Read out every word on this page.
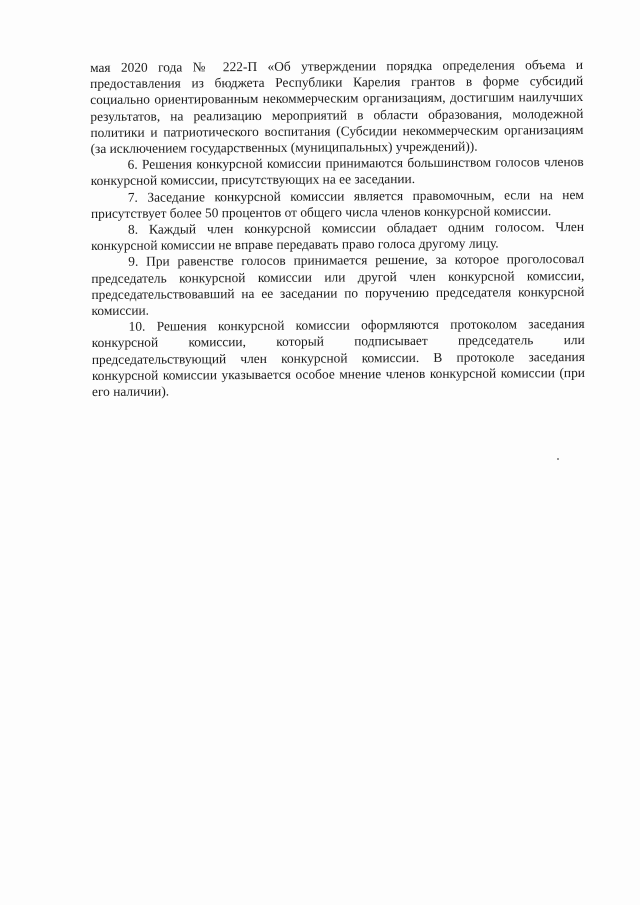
мая 2020 года № 222-П «Об утверждении порядка определения объема и предоставления из бюджета Республики Карелия грантов в форме субсидий социально ориентированным некоммерческим организациям, достигшим наилучших результатов, на реализацию мероприятий в области образования, молодежной политики и патриотического воспитания (Субсидии некоммерческим организациям (за исключением государственных (муниципальных) учреждений)).

6. Решения конкурсной комиссии принимаются большинством голосов членов конкурсной комиссии, присутствующих на ее заседании.

7. Заседание конкурсной комиссии является правомочным, если на нем присутствует более 50 процентов от общего числа членов конкурсной комиссии.

8. Каждый член конкурсной комиссии обладает одним голосом. Член конкурсной комиссии не вправе передавать право голоса другому лицу.

9. При равенстве голосов принимается решение, за которое проголосовал председатель конкурсной комиссии или другой член конкурсной комиссии, председательствовавший на ее заседании по поручению председателя конкурсной комиссии.

10. Решения конкурсной комиссии оформляются протоколом заседания конкурсной комиссии, который подписывает председатель или председательствующий член конкурсной комиссии. В протоколе заседания конкурсной комиссии указывается особое мнение членов конкурсной комиссии (при его наличии).
